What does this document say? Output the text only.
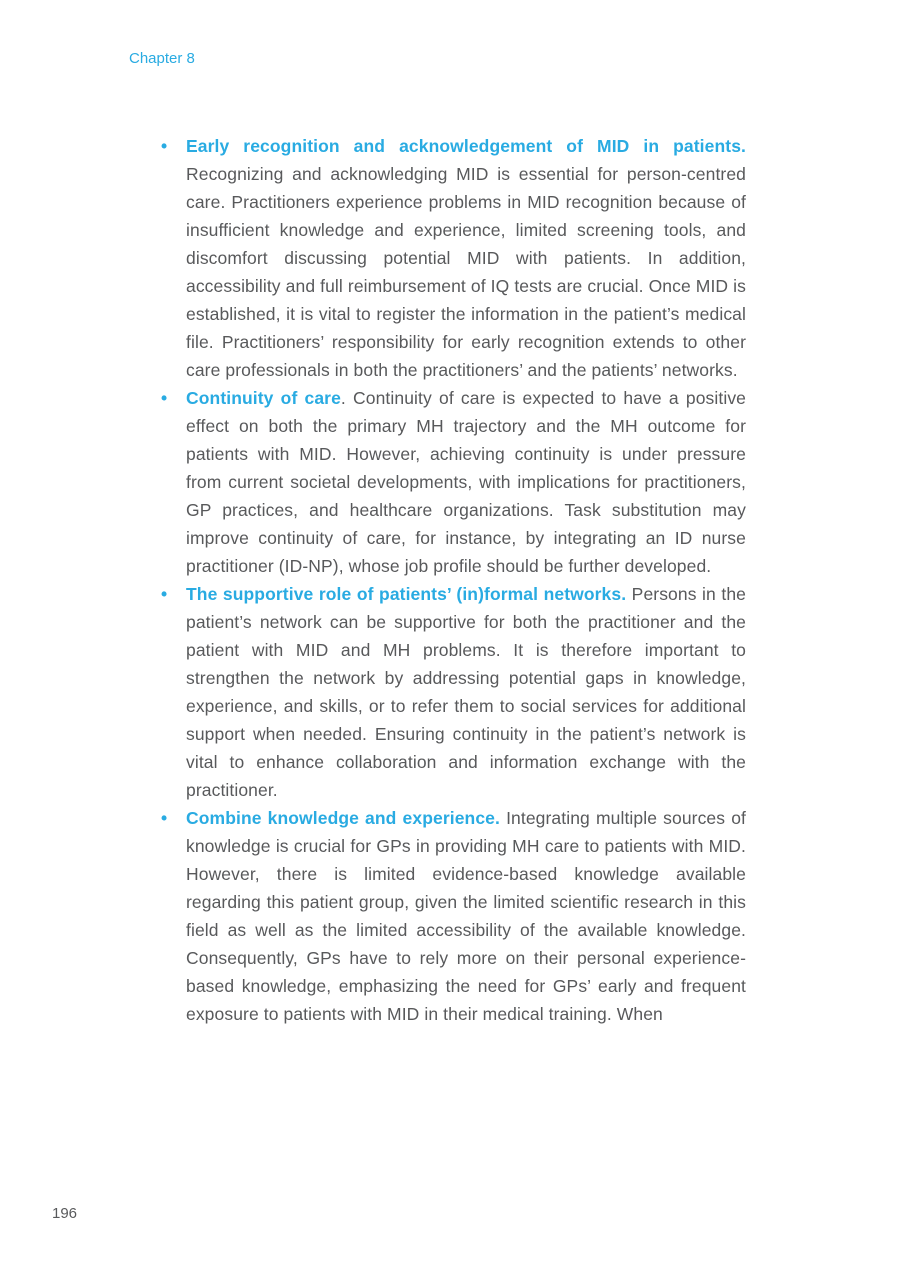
Chapter 8
•	Early recognition and acknowledgement of MID in patients. Recognizing and acknowledging MID is essential for person-centred care. Practitioners experience problems in MID recognition because of insufficient knowledge and experience, limited screening tools, and discomfort discussing potential MID with patients. In addition, accessibility and full reimbursement of IQ tests are crucial. Once MID is established, it is vital to register the information in the patient’s medical file. Practitioners’ responsibility for early recognition extends to other care professionals in both the practitioners’ and the patients’ networks.
•	Continuity of care. Continuity of care is expected to have a positive effect on both the primary MH trajectory and the MH outcome for patients with MID. However, achieving continuity is under pressure from current societal developments, with implications for practitioners, GP practices, and healthcare organizations. Task substitution may improve continuity of care, for instance, by integrating an ID nurse practitioner (ID-NP), whose job profile should be further developed.
•	The supportive role of patients’ (in)formal networks. Persons in the patient’s network can be supportive for both the practitioner and the patient with MID and MH problems. It is therefore important to strengthen the network by addressing potential gaps in knowledge, experience, and skills, or to refer them to social services for additional support when needed. Ensuring continuity in the patient’s network is vital to enhance collaboration and information exchange with the practitioner.
•	Combine knowledge and experience. Integrating multiple sources of knowledge is crucial for GPs in providing MH care to patients with MID. However, there is limited evidence-based knowledge available regarding this patient group, given the limited scientific research in this field as well as the limited accessibility of the available knowledge. Consequently, GPs have to rely more on their personal experience-based knowledge, emphasizing the need for GPs’ early and frequent exposure to patients with MID in their medical training. When
196
